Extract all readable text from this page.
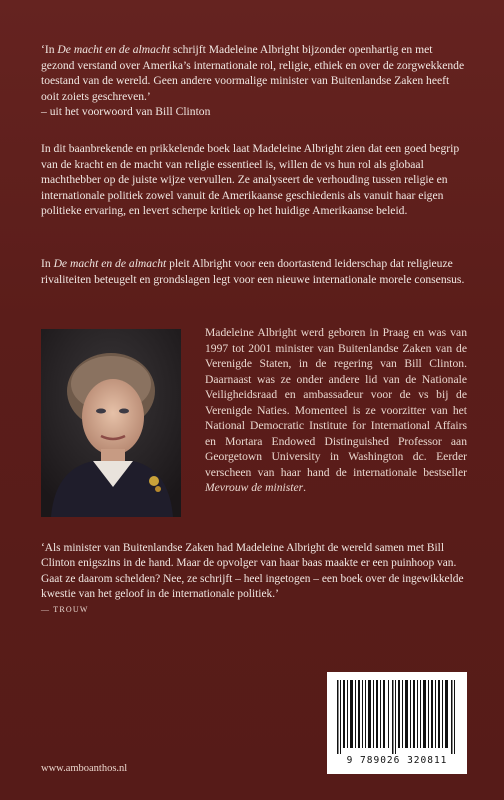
‘In De macht en de almacht schrijft Madeleine Albright bijzonder openhartig en met gezond verstand over Amerika’s internationale rol, religie, ethiek en over de zorgwekkende toestand van de wereld. Geen andere voormalige minister van Buitenlandse Zaken heeft ooit zoiets geschreven.’
– uit het voorwoord van Bill Clinton

In dit baanbrekende en prikkelende boek laat Madeleine Albright zien dat een goed begrip van de kracht en de macht van religie essentieel is, willen de vs hun rol als globaal machthebber op de juiste wijze vervullen. Ze analyseert de verhouding tussen religie en internationale politiek zowel vanuit de Amerikaanse geschiedenis als vanuit haar eigen politieke ervaring, en levert scherpe kritiek op het huidige Amerikaanse beleid.

In De macht en de almacht pleit Albright voor een doortastend leiderschap dat religieuze rivaliteiten beteugelt en grondslagen legt voor een nieuwe internationale morele consensus.

Madeleine Albright werd geboren in Praag en was van 1997 tot 2001 minister van Buitenlandse Zaken van de Verenigde Staten, in de regering van Bill Clinton. Daarnaast was ze onder andere lid van de Nationale Veiligheidsraad en ambassadeur voor de vs bij de Verenigde Naties. Momenteel is ze voorzitter van het National Democratic Institute for International Affairs en Mortara Endowed Distinguished Professor aan Georgetown University in Washington dc. Eerder verscheen van haar hand de internationale bestseller Mevrouw de minister.

‘Als minister van Buitenlandse Zaken had Madeleine Albright de wereld samen met Bill Clinton enigszins in de hand. Maar de opvolger van haar baas maakte er een puinhoop van. Gaat ze daarom schelden? Nee, ze schrijft – heel ingetogen – een boek over de ingewikkelde kwestie van het geloof in de internationale politiek.’

— TROUW
9 789026 320811
www.amboanthos.nl
